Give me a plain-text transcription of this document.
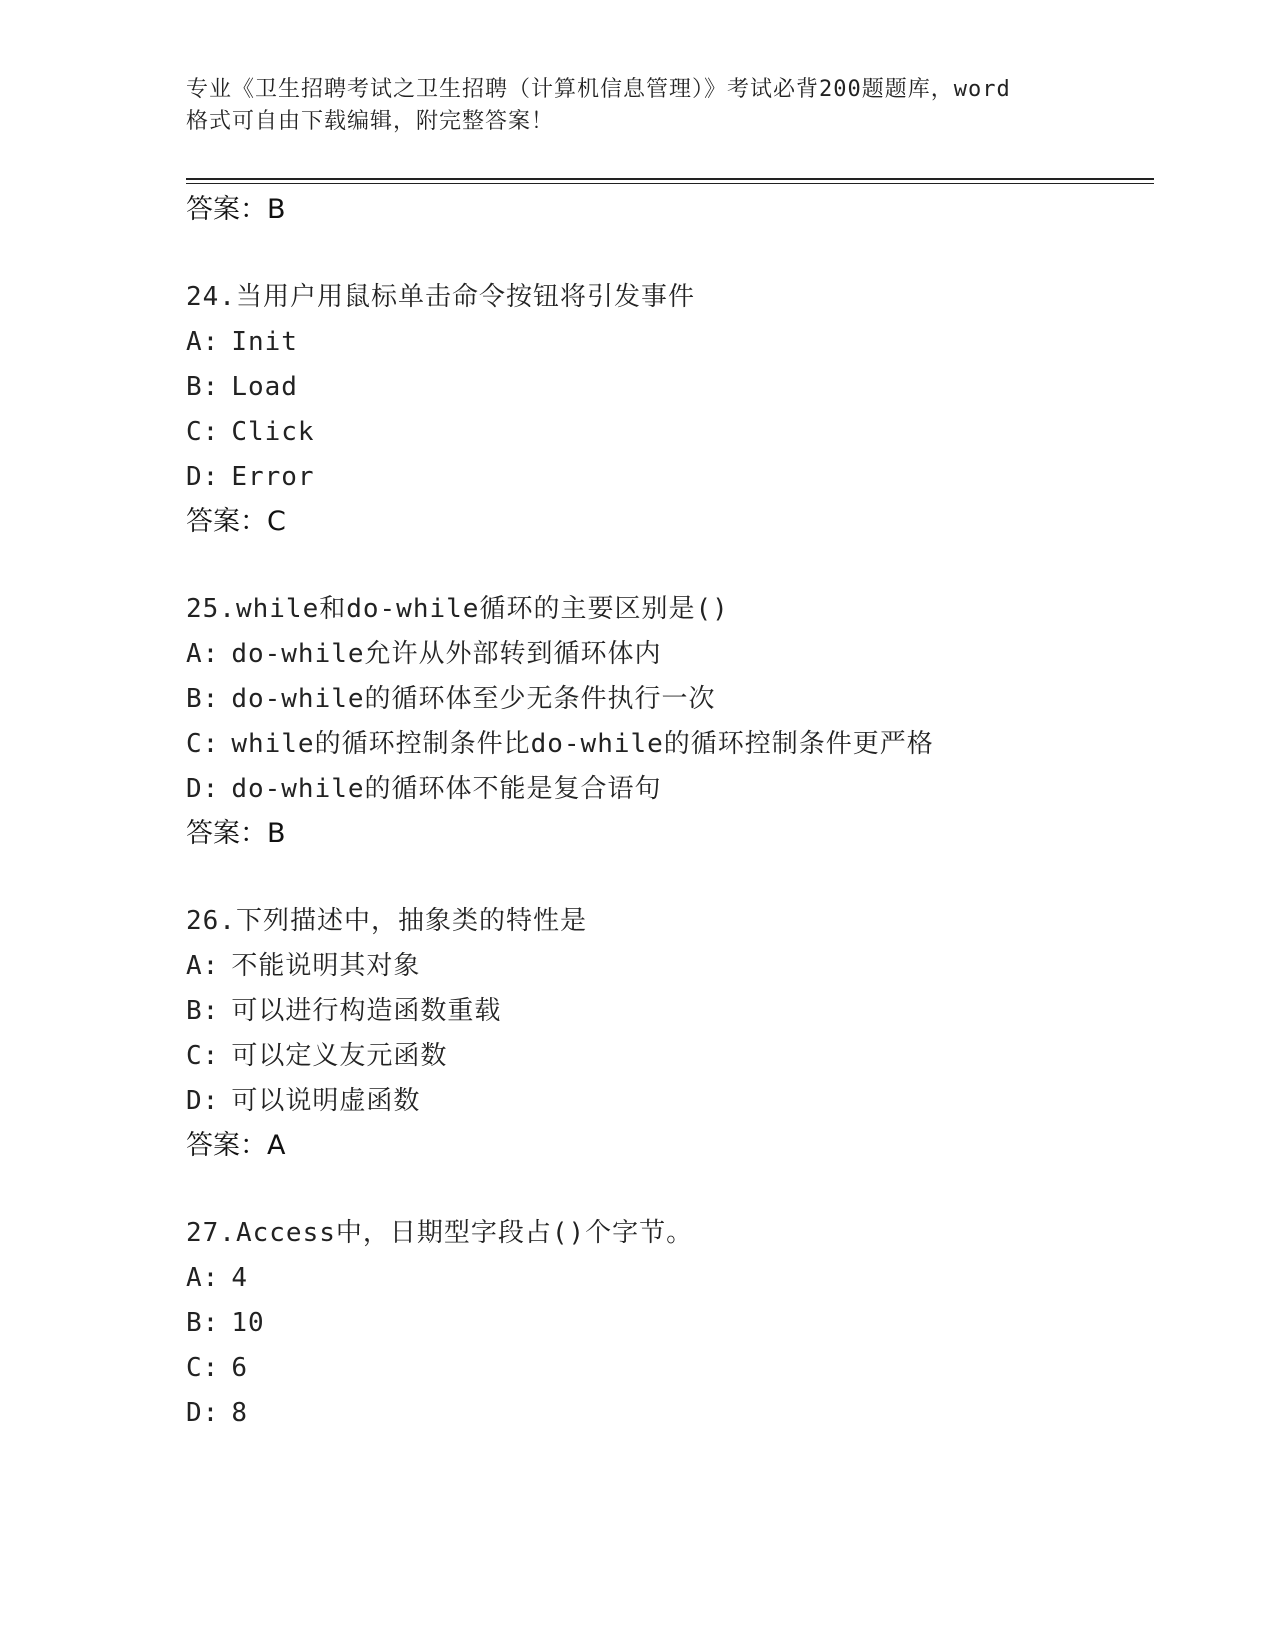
专业《卫生招聘考试之卫生招聘（计算机信息管理）》考试必背200题题库，word
格式可自由下载编辑，附完整答案！
答案：B
24.当用户用鼠标单击命令按钮将引发事件
A: Init
B: Load
C: Click
D: Error
答案：C
25.while和do-while循环的主要区别是()
A: do-while允许从外部转到循环体内
B: do-while的循环体至少无条件执行一次
C: while的循环控制条件比do-while的循环控制条件更严格
D: do-while的循环体不能是复合语句
答案：B
26.下列描述中，抽象类的特性是
A: 不能说明其对象
B: 可以进行构造函数重载
C: 可以定义友元函数
D: 可以说明虚函数
答案：A
27.Access中，日期型字段占()个字节。
A: 4
B: 10
C: 6
D: 8
